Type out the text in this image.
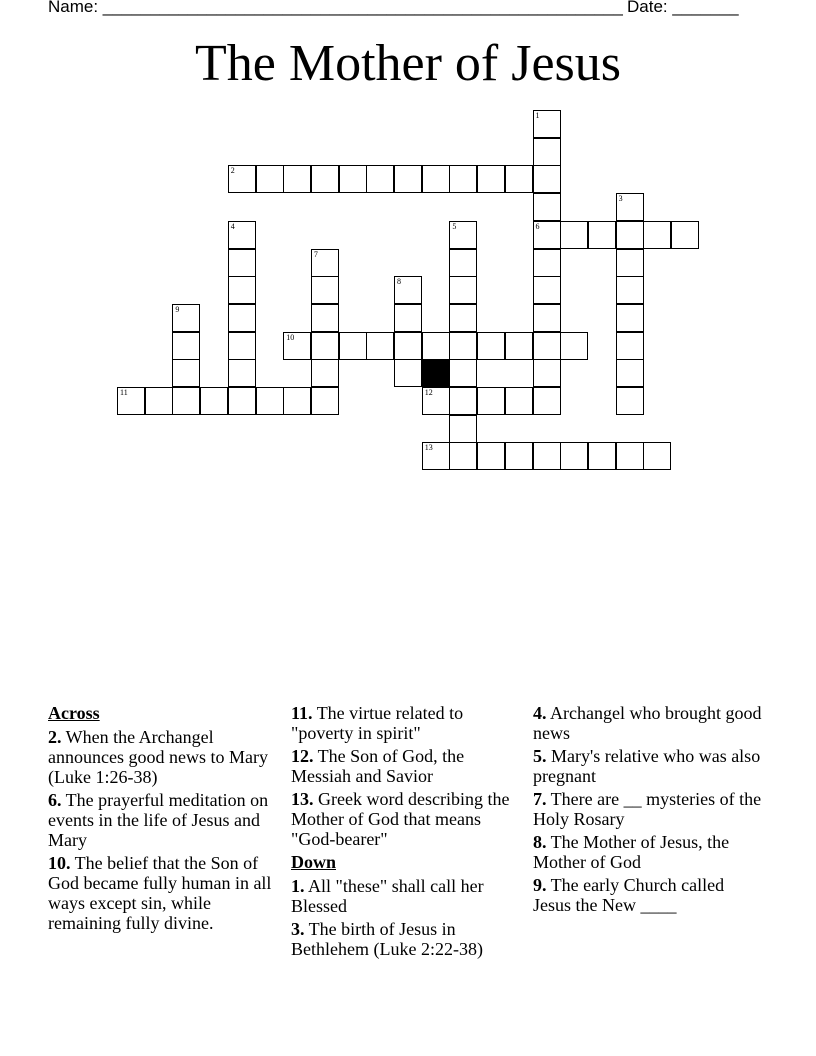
Name: _______________________________________________________ Date: _______
The Mother of Jesus
1
6
2
3
4	5
7
8
9
10
11	12
13
Across
2. When the Archangel announces good news to Mary (Luke 1:26-38)
6. The prayerful meditation on events in the life of Jesus and Mary
10. The belief that the Son of God became fully human in all ways except sin, while remaining fully divine.
11. The virtue related to "poverty in spirit"
12. The Son of God, the Messiah and Savior
13. Greek word describing the Mother of God that means "God-bearer"
Down
1. All "these" shall call her Blessed
3. The birth of Jesus in Bethlehem (Luke 2:22-38)
4. Archangel who brought good news
5. Mary's relative who was also pregnant
7. There are __ mysteries of the Holy Rosary
8. The Mother of Jesus, the Mother of God
9. The early Church called Jesus the New ____
